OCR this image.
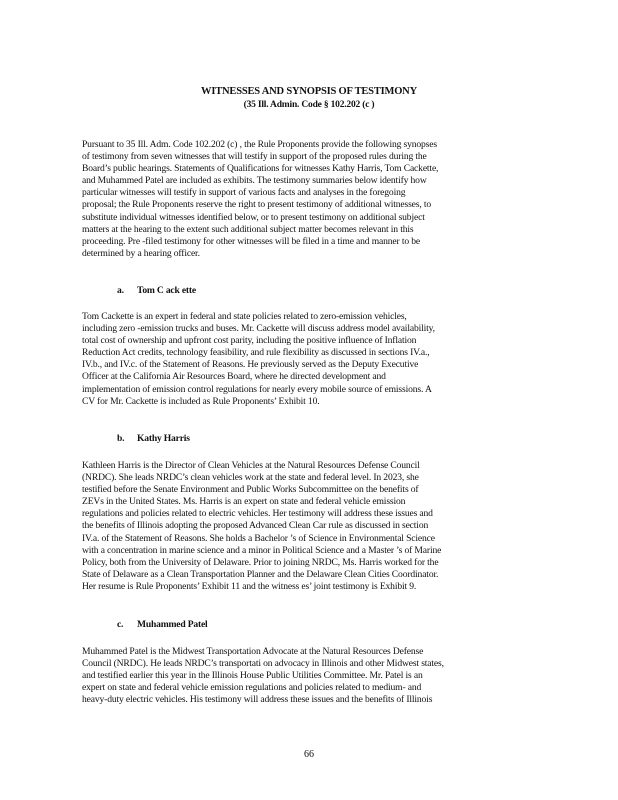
WITNESSES AND SYNOPSIS OF TESTIMONY
(35 Ill. Admin. Code § 102.202 (c )

Pursuant to 35 Ill. Adm. Code 102.202 (c) , the Rule Proponents provide the following synopses

of testimony from seven witnesses that will testify in support of the proposed rules during the

Board’s public hearings. Statements of Qualifications for witnesses Kathy Harris, Tom Cackette,

and Muhammed Patel are included as exhibits. The testimony summaries below identify how

particular witnesses will testify in support of various facts and analyses in the foregoing

proposal; the Rule Proponents reserve the right to present testimony of additional witnesses, to

substitute individual witnesses identified below, or to present testimony on additional subject

matters at the hearing to the extent such additional subject matter becomes relevant in this

proceeding. Pre -filed testimony for other witnesses will be filed in a time and manner to be

determined by a hearing officer.

a. Tom C ack ette

Tom Cackette is an expert in federal and state policies related to zero-emission vehicles,

including zero -emission trucks and buses. Mr. Cackette will discuss address model availability,

total cost of ownership and upfront cost parity, including the positive influence of Inflation

Reduction Act credits, technology feasibility, and rule flexibility as discussed in sections IV.a.,

IV.b., and IV.c. of the Statement of Reasons. He previously served as the Deputy Executive

Officer at the California Air Resources Board, where he directed development and

implementation of emission control regulations for nearly every mobile source of emissions. A

CV for Mr. Cackette is included as Rule Proponents’ Exhibit 10.

b. Kathy Harris

Kathleen Harris is the Director of Clean Vehicles at the Natural Resources Defense Council

(NRDC). She leads NRDC’s clean vehicles work at the state and federal level. In 2023, she

testified before the Senate Environment and Public Works Subcommittee on the benefits of

ZEVs in the United States. Ms. Harris is an expert on state and federal vehicle emission

regulations and policies related to electric vehicles. Her testimony will address these issues and

the benefits of Illinois adopting the proposed Advanced Clean Car rule as discussed in section

IV.a. of the Statement of Reasons. She holds a Bachelor ’s of Science in Environmental Science

with a concentration in marine science and a minor in Political Science and a Master ’s of Marine

Policy, both from the University of Delaware. Prior to joining NRDC, Ms. Harris worked for the

State of Delaware as a Clean Transportation Planner and the Delaware Clean Cities Coordinator.

Her resume is Rule Proponents’ Exhibit 11 and the witness es’ joint testimony is Exhibit 9.

c. Muhammed Patel

Muhammed Patel is the Midwest Transportation Advocate at the Natural Resources Defense

Council (NRDC). He leads NRDC’s transportati on advocacy in Illinois and other Midwest states,

and testified earlier this year in the Illinois House Public Utilities Committee. Mr. Patel is an

expert on state and federal vehicle emission regulations and policies related to medium- and

heavy-duty electric vehicles. His testimony will address these issues and the benefits of Illinois

66
